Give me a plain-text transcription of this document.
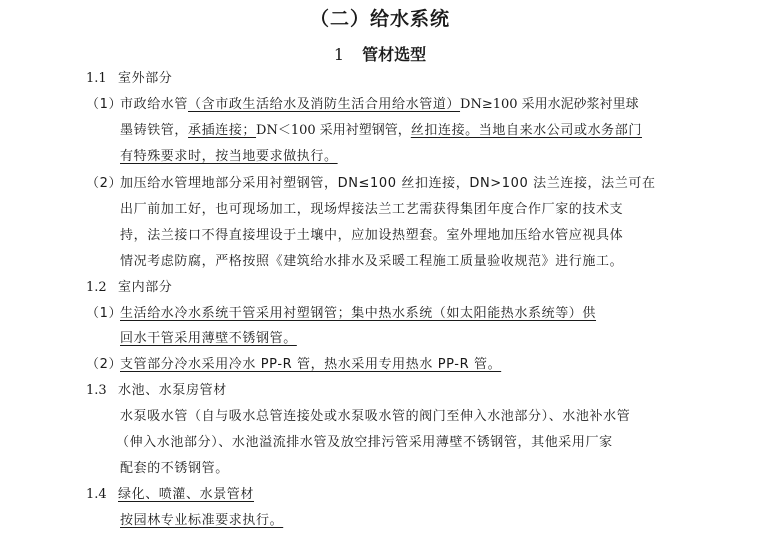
（二）给水系统
1 管材选型
1.1 室外部分
（1）市政给水管（含市政生活给水及消防生活合用给水管道）DN≥100 采用水泥砂浆衬里球
墨铸铁管，承插连接；DN＜100 采用衬塑钢管，丝扣连接。当地自来水公司或水务部门
有特殊要求时，按当地要求做执行。
（2）加压给水管埋地部分采用衬塑钢管，DN≤100 丝扣连接，DN>100 法兰连接，法兰可在
出厂前加工好，也可现场加工，现场焊接法兰工艺需获得集团年度合作厂家的技术支
持，法兰接口不得直接埋设于土壤中，应加设热塑套。室外埋地加压给水管应视具体
情况考虑防腐，严格按照《建筑给水排水及采暖工程施工质量验收规范》进行施工。
1.2 室内部分
（1）生活给水冷水系统干管采用衬塑钢管；集中热水系统（如太阳能热水系统等）供
回水干管采用薄壁不锈钢管。
（2）支管部分冷水采用冷水 PP-R 管，热水采用专用热水 PP-R 管。
1.3 水池、水泵房管材
水泵吸水管（自与吸水总管连接处或水泵吸水管的阀门至伸入水池部分）、水池补水管
（伸入水池部分）、水池溢流排水管及放空排污管采用薄壁不锈钢管，其他采用厂家
配套的不锈钢管。
1.4 绿化、喷灌、水景管材
按园林专业标准要求执行。
